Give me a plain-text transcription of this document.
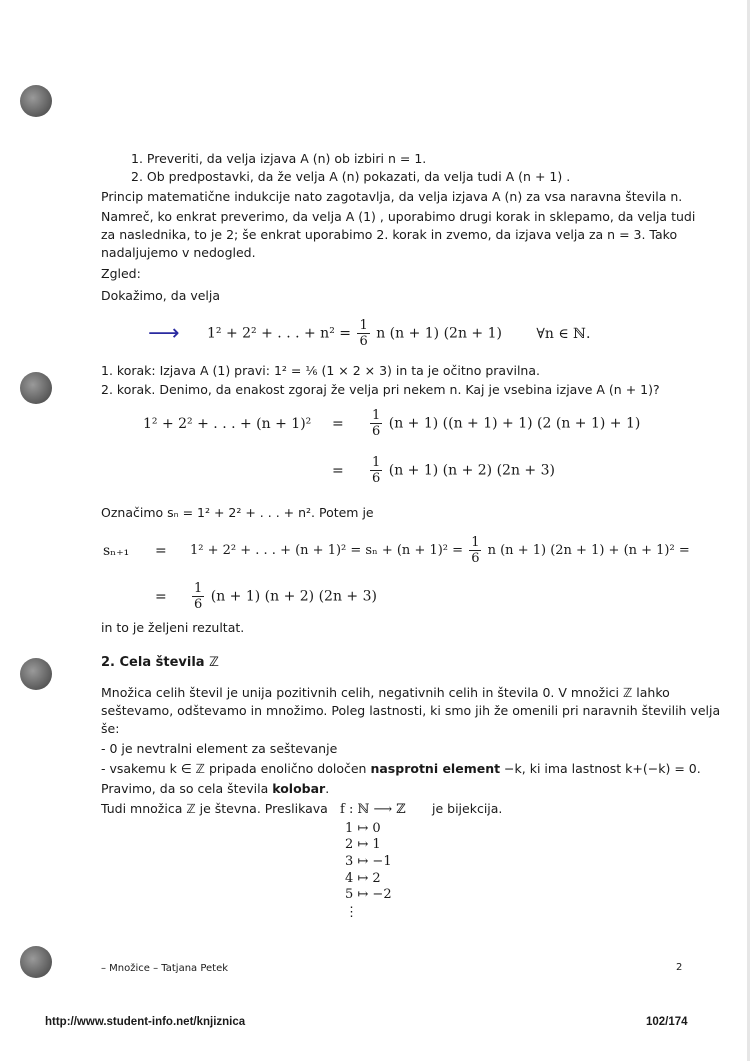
1. Preveriti, da velja izjava A (n) ob izbiri n = 1.
2. Ob predpostavki, da že velja A (n) pokazati, da velja tudi A (n + 1) .
Princip matematične indukcije nato zagotavlja, da velja izjava A (n) za vsa naravna števila n.
Namreč, ko enkrat preverimo, da velja A (1) , uporabimo drugi korak in sklepamo, da velja tudi
za naslednika, to je 2; še enkrat uporabimo 2. korak in zvemo, da izjava velja za n = 3. Tako
nadaljujemo v nedogled.
Zgled:
Dokažimo, da velja
⟶ 1² + 2² + . . . + $n^2 = \frac{1}{6}$ n (n + 1) (2n + 1) ∀n ∈ ℕ.
1. korak: Izjava A (1) pravi: 1² = ⅙ (1 × 2 × 3) in ta je očitno pravilna.
2. korak. Denimo, da enakost zgoraj že velja pri nekem n. Kaj je vsebina izjave A (n + 1)?
1² + 2² + . . . + $(n + 1)^2 = \frac{1}{6} (n + 1) ((n + 1) + 1)$ (2 (n + 1) + 1)
= $\frac{1}{6} (n + 1) (n + 2) (2n + 3)$
Označimo sₙ = 1² + 2² + . . . + n². Potem je
sₙ₊₁ = 1² + 2² + . . . + $(n + 1)^2 = s_n + (n + 1)^2 = \frac{1}{6}$ n (n + 1) (2n + 1) + (n + 1)² =
= $\frac{1}{6} (n + 1) (n + 2) (2n + 3)$
in to je željeni rezultat.
2. Cela števila ℤ
Množica celih števil je unija pozitivnih celih, negativnih celih in števila 0. V množici ℤ lahko
seštevamo, odštevamo in množimo. Poleg lastnosti, ki smo jih že omenili pri naravnih številih velja
še:
- 0 je nevtralni element za seštevanje
- vsakemu k ∈ ℤ pripada enolično določen nasprotni element −k, ki ima lastnost k+(−k) = 0.
Pravimo, da so cela števila kolobar.
Tudi množica ℤ je števna. Preslikava f : ℕ ⟶ ℤ je bijekcija.
1 ↦ 0
2 ↦ 1
3 ↦ −1
4 ↦ 2
5 ↦ −2
⋮
– Množice – Tatjana Petek	2
http://www.student-info.net/knjiznica	102/174
